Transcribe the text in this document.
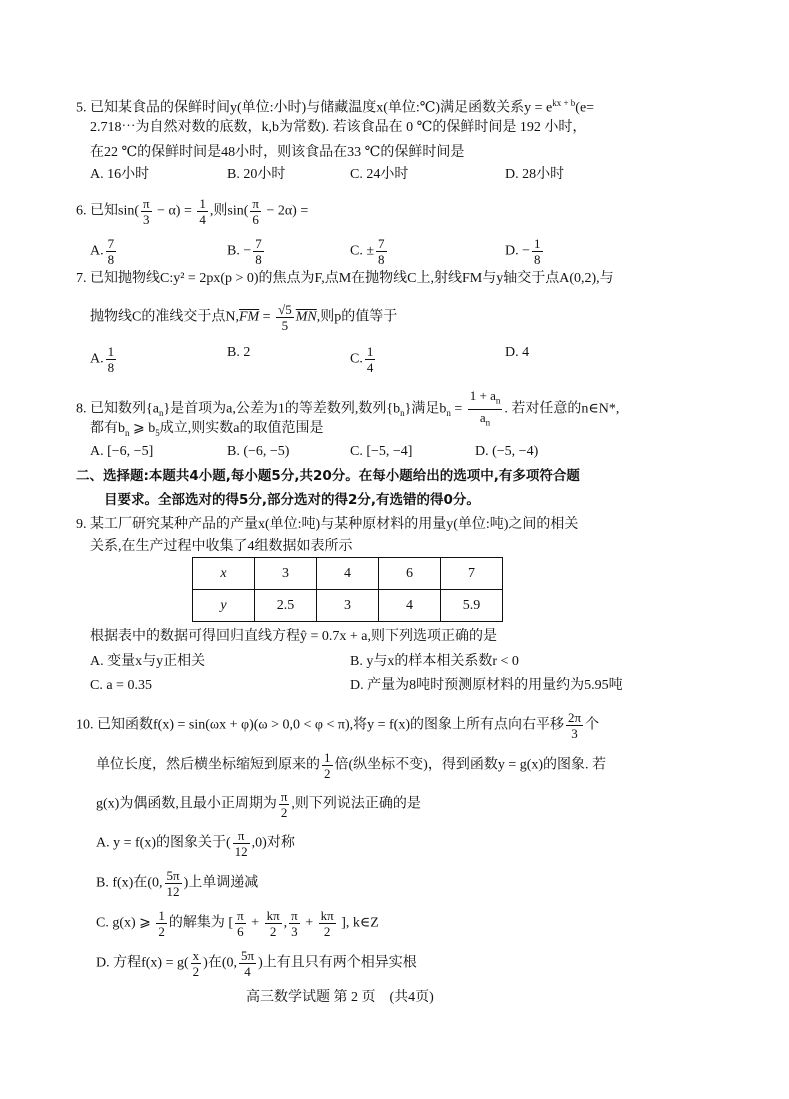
5. 已知某食品的保鲜时间y(单位:小时)与储藏温度x(单位:℃)满足函数关系$y = e^{kx + b}(e=$
2.718⋯为自然对数的底数，k,b为常数). 若该食品在 0 ℃的保鲜时间是 192 小时，
在22 ℃的保鲜时间是48小时，则该食品在33 ℃的保鲜时间是
A. 16小时	B. 20小时	C. 24小时	D. 28小时
6. 已知$\sin( \frac{\pi}{3} - \alpha) = \frac{1}{4}$ ,则$\sin( \frac{\pi}{6} - 2\alpha)$ =
A. $\frac{7}{8}$	B. − $\frac{7}{8}$	C. ± $\frac{7}{8}$	D. − $\frac{1}{8}$
7. 已知抛物线C:y² = 2px(p > 0)的焦点为F,点M在抛物线C上,射线FM与y轴交于点A(0,2),与
抛物线C的准线交于点$N,\overline{FM} = \frac{√5}{5} \overline{MN}$,则p的值等于
A. $\frac{1}{8}$	B. 2	C. $\frac{1}{4}$	D. 4
8. 已知数列$\{a_n\}$是首项为a,公差为1的等差数列,数列$\{b_n\}$满足$b_n = \frac{1 + a_n}{a_n}$ . 若对任意的n∈N*,
都有$b_n$ ⩾ $b_5$成立,则实数a的取值范围是
A. [−6, −5]	B. (−6, −5)	C. [−5, −4]	D. (−5, −4)
二、选择题:本题共4小题,每小题5分,共20分。在每小题给出的选项中,有多项符合题
目要求。全部选对的得5分,部分选对的得2分,有选错的得0分。
9. 某工厂研究某种产品的产量x(单位:吨)与某种原材料的用量y(单位:吨)之间的相关
关系,在生产过程中收集了4组数据如表所示
x	3	4	6	7
y	2.5	3	4	5.9
根据表中的数据可得回归直线方程ŷ = 0.7x + a,则下列选项正确的是
A. 变量x与y正相关	B. y与x的样本相关系数r < 0
C. a = 0.35	D. 产量为8吨时预测原材料的用量约为5.95吨
10. 已知函数f(x) = sin(ωx + φ)(ω > 0,0 < φ < π),将y = f(x)的图象上所有点向右平移 $\frac{2\pi}{3}$ 个
单位长度，然后横坐标缩短到原来的 $\frac{1}{2}$ 倍(纵坐标不变)，得到函数y = g(x)的图象. 若
g(x)为偶函数,且最小正周期为 $\frac{\pi}{2}$ ,则下列说法正确的是
A. y = f(x)的图象关于( $\frac{\pi}{12} ,0$)对称
B. f(x)在(0, $\frac{5\pi}{12}$ )上单调递减
C. g(x) ⩾ $\frac{1}{2}$ 的解集为 [ $\frac{\pi}{6} + \frac{k\pi}{2}$ , $\frac{\pi}{3} + \frac{k\pi}{2}$ ], k∈Z
D. 方程$f(x) = g( \frac{x}{2}$ )在(0, $\frac{5\pi}{4}$ )上有且只有两个相异实根
高三数学试题 第 2 页　(共4页)
